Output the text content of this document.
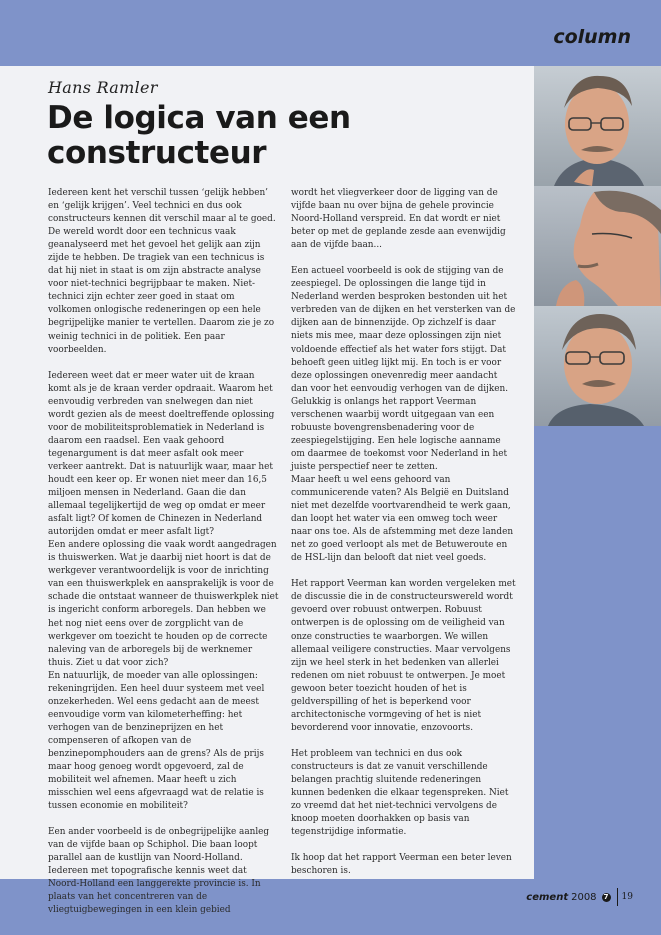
column
Hans Ramler
De logica van een constructeur

Iedereen kent het verschil tussen ‘gelijk hebben’ en ‘gelijk krijgen’. Veel technici en dus ook constructeurs kennen dit verschil maar al te goed. De wereld wordt door een technicus vaak geanalyseerd met het gevoel het gelijk aan zijn zijde te hebben. De tragiek van een technicus is dat hij niet in staat is om zijn abstracte analyse voor niet-technici begrijpbaar te maken. Niet-technici zijn echter zeer goed in staat om volkomen onlogische redeneringen op een hele begrijpelijke manier te vertellen. Daarom zie je zo weinig technici in de politiek. Een paar voorbeelden.

Iedereen weet dat er meer water uit de kraan komt als je de kraan verder opdraait. Waarom het eenvoudig verbreden van snelwegen dan niet wordt gezien als de meest doeltreffende oplossing voor de mobiliteitsproblematiek in Nederland is daarom een raadsel. Een vaak gehoord tegenargument is dat meer asfalt ook meer verkeer aantrekt. Dat is natuurlijk waar, maar het houdt een keer op. Er wonen niet meer dan 16,5 miljoen mensen in Nederland. Gaan die dan allemaal tegelijkertijd de weg op omdat er meer asfalt ligt? Of komen de Chinezen in Nederland autorijden omdat er meer asfalt ligt?

Een andere oplossing die vaak wordt aangedragen is thuiswerken. Wat je daarbij niet hoort is dat de werkgever verantwoordelijk is voor de inrichting van een thuiswerkplek en aansprakelijk is voor de schade die ontstaat wanneer de thuiswerkplek niet is ingericht conform arboregels. Dan hebben we het nog niet eens over de zorgplicht van de werkgever om toezicht te houden op de correcte naleving van de arboregels bij de werknemer thuis. Ziet u dat voor zich?

En natuurlijk, de moeder van alle oplossingen: rekeningrijden. Een heel duur systeem met veel onzekerheden. Wel eens gedacht aan de meest eenvoudige vorm van kilometerheffing: het verhogen van de benzineprijzen en het compenseren of afkopen van de benzinepomphouders aan de grens? Als de prijs maar hoog genoeg wordt opgevoerd, zal de mobiliteit wel afnemen. Maar heeft u zich misschien wel eens afgevraagd wat de relatie is tussen economie en mobiliteit?

Een ander voorbeeld is de onbegrijpelijke aanleg van de vijfde baan op Schiphol. Die baan loopt parallel aan de kustlijn van Noord-Holland. Iedereen met topografische kennis weet dat Noord-Holland een langgerekte provincie is. In plaats van het concentreren van de vliegtuigbewegingen in een klein gebied

wordt het vliegverkeer door de ligging van de vijfde baan nu over bijna de gehele provincie Noord-Holland verspreid. En dat wordt er niet beter op met de geplande zesde aan evenwijdig aan de vijfde baan...

Een actueel voorbeeld is ook de stijging van de zeespiegel. De oplossingen die lange tijd in Nederland werden besproken bestonden uit het verbreden van de dijken en het versterken van de dijken aan de binnenzijde. Op zichzelf is daar niets mis mee, maar deze oplossingen zijn niet voldoende effectief als het water fors stijgt. Dat behoeft geen uitleg lijkt mij. En toch is er voor deze oplossingen onevenredig meer aandacht dan voor het eenvoudig verhogen van de dijken. Gelukkig is onlangs het rapport Veerman verschenen waarbij wordt uitgegaan van een robuuste bovengrensbenadering voor de zeespiegelstijging. Een hele logische aanname om daarmee de toekomst voor Nederland in het juiste perspectief neer te zetten.

Maar heeft u wel eens gehoord van communicerende vaten? Als België en Duitsland niet met dezelfde voortvarendheid te werk gaan, dan loopt het water via een omweg toch weer naar ons toe. Als de afstemming met deze landen net zo goed verloopt als met de Betuweroute en de HSL-lijn dan belooft dat niet veel goeds.

Het rapport Veerman kan worden vergeleken met de discussie die in de constructeurswereld wordt gevoerd over robuust ontwerpen. Robuust ontwerpen is de oplossing om de veiligheid van onze constructies te waarborgen. We willen allemaal veiligere constructies. Maar vervolgens zijn we heel sterk in het bedenken van allerlei redenen om niet robuust te ontwerpen. Je moet gewoon beter toezicht houden of het is geldverspilling of het is beperkend voor architectonische vormgeving of het is niet bevorderend voor innovatie, enzovoorts.

Het probleem van technici en dus ook constructeurs is dat ze vanuit verschillende belangen prachtig sluitende redeneringen kunnen bedenken die elkaar tegenspreken. Niet zo vreemd dat het niet-technici vervolgens de knoop moeten doorhakken op basis van tegenstrijdige informatie.

Ik hoop dat het rapport Veerman een beter leven beschoren is.

cement 2008 7 19
